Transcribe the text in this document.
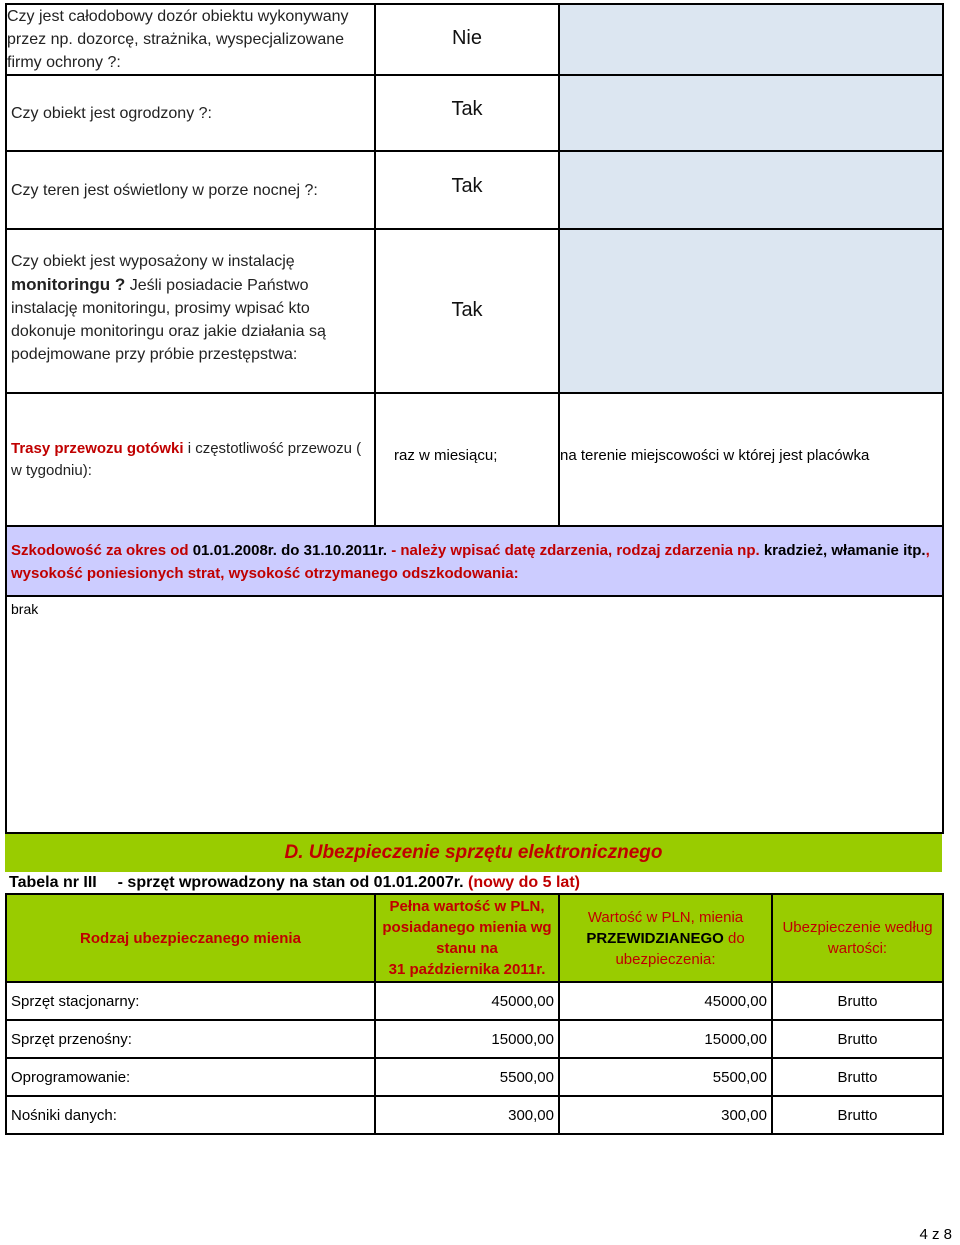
Czy jest całodobowy dozór obiektu wykonywany przez np. dozorcę, strażnika, wyspecjalizowane firmy ochrony ?:	Nie	

Czy obiekt jest ogrodzony ?:	Tak	

Czy teren jest oświetlony w porze nocnej ?:	Tak	

Czy obiekt jest wyposażony w instalację
monitoringu ? Jeśli posiadacie Państwo instalację monitoringu, prosimy wpisać kto dokonuje monitoringu oraz jakie działania są podejmowane przy próbie przestępstwa:	Tak	

Trasy przewozu gotówki i częstotliwość przewozu ( w tygodniu):	raz w miesiącu;	na terenie miejscowości w której jest placówka

Szkodowość za okres od 01.01.2008r. do 31.10.2011r. - należy wpisać datę zdarzenia, rodzaj zdarzenia np. kradzież, włamanie itp., wysokość poniesionych strat, wysokość otrzymanego odszkodowania:		

brak		
D. Ubezpieczenie sprzętu elektronicznego
Tabela nr III - sprzęt wprowadzony na stan od 01.01.2007r. (nowy do 5 lat)
Rodzaj ubezpieczanego mienia	Pełna wartość w PLN,
posiadanego mienia wg
stanu na
31 października 2011r.	Wartość w PLN, mienia
PRZEWIDZIANEGO do
ubezpieczenia:	Ubezpieczenie według
wartości:
Sprzęt stacjonarny:	45000,00	45000,00	Brutto
Sprzęt przenośny:	15000,00	15000,00	Brutto
Oprogramowanie:	5500,00	5500,00	Brutto
Nośniki danych:	300,00	300,00	Brutto
4 z 8
